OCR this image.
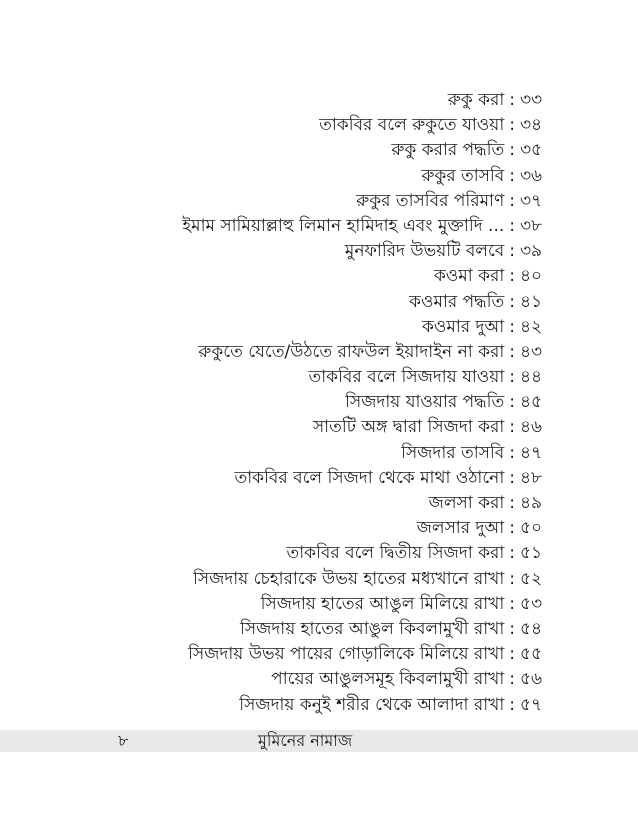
রুকু করা : ৩৩
তাকবির বলে রুকুতে যাওয়া : ৩৪
রুকু করার পদ্ধতি : ৩৫
রুকুর তাসবি : ৩৬
রুকুর তাসবির পরিমাণ : ৩৭
ইমাম সামিয়াল্লাহু লিমান হামিদাহ এবং মুক্তাদি ... : ৩৮
মুনফারিদ উভয়টি বলবে : ৩৯
কওমা করা : ৪০
কওমার পদ্ধতি : ৪১
কওমার দুআ : ৪২
রুকুতে যেতে/উঠতে রাফউল ইয়াদাইন না করা : ৪৩
তাকবির বলে সিজদায় যাওয়া : ৪৪
সিজদায় যাওয়ার পদ্ধতি : ৪৫
সাতটি অঙ্গ দ্বারা সিজদা করা : ৪৬
সিজদার তাসবি : ৪৭
তাকবির বলে সিজদা থেকে মাথা ওঠানো : ৪৮
জলসা করা : ৪৯
জলসার দুআ : ৫০
তাকবির বলে দ্বিতীয় সিজদা করা : ৫১
সিজদায় চেহারাকে উভয় হাতের মধ্যখানে রাখা : ৫২
সিজদায় হাতের আঙুল মিলিয়ে রাখা : ৫৩
সিজদায় হাতের আঙুল কিবলামুখী রাখা : ৫৪
সিজদায় উভয় পায়ের গোড়ালিকে মিলিয়ে রাখা : ৫৫
পায়ের আঙুলসমূহ কিবলামুখী রাখা : ৫৬
সিজদায় কনুই শরীর থেকে আলাদা রাখা : ৫৭
৮	মুমিনের নামাজ
